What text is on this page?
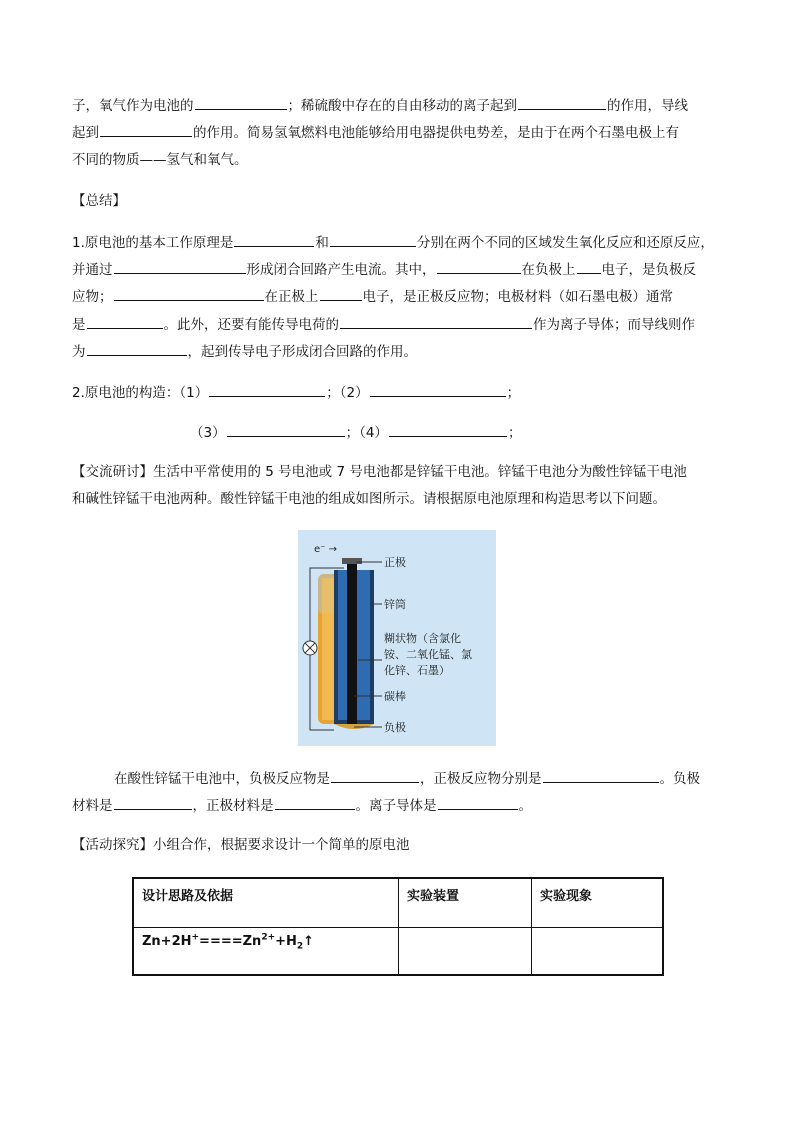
子，氧气作为电池的	；稀硫酸中存在的自由移动的离子起到	的作用，导线
起到	的作用。简易氢氧燃料电池能够给用电器提供电势差，是由于在两个石墨电极上有
不同的物质——氢气和氧气。
【总结】
1.原电池的基本工作原理是	和	分别在两个不同的区域发生氧化反应和还原反应，
并通过	形成闭合回路产生电流。其中，	在负极上 电子，是负极反
应物；	在正极上	电子，是正极反应物；电极材料（如石墨电极）通常
是	。此外，还要有能传导电荷的	作为离子导体；而导线则作
为	，起到传导电子形成闭合回路的作用。
2.原电池的构造：（1）	；（2）	；
（3）	；（4）	；
【交流研讨】生活中平常使用的 5 号电池或 7 号电池都是锌锰干电池。锌锰干电池分为酸性锌锰干电池
和碱性锌锰干电池两种。酸性锌锰干电池的组成如图所示。请根据原电池原理和构造思考以下问题。
e⁻ →
正极
锌筒
糊状物（含氯化
铵、二氧化锰、氯
化锌、石墨）
碳棒
负极
在酸性锌锰干电池中，负极反应物是	，正极反应物分别是	。负极
材料是	，正极材料是	。离子导体是	。
【活动探究】小组合作，根据要求设计一个简单的原电池
设计思路及依据	实验装置	实验现象
$Zn+2H^+====Zn^{2+}+H_2↑$		
